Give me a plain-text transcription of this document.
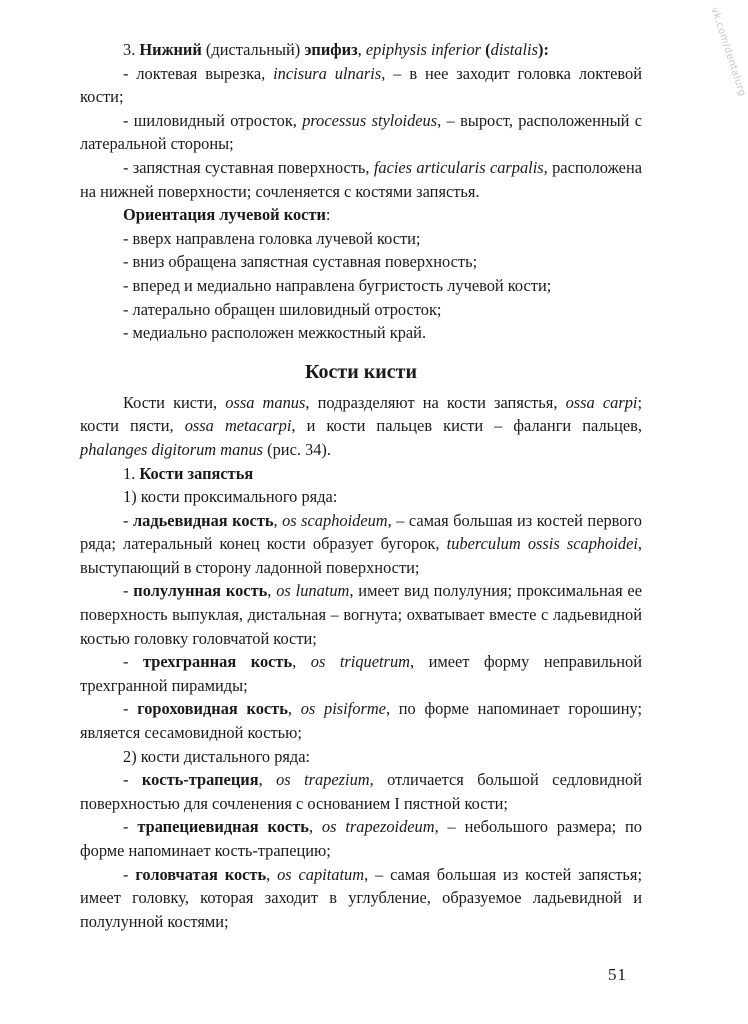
vk.com/dentalurg

3. Нижний (дистальный) эпифиз, epiphysis inferior (distalis):

- локтевая вырезка, incisura ulnaris, – в нее заходит головка локтевой кости;

- шиловидный отросток, processus styloideus, – вырост, расположенный с латеральной стороны;

- запястная суставная поверхность, facies articularis carpalis, расположена на нижней поверхности; сочленяется с костями запястья.

Ориентация лучевой кости:

- вверх направлена головка лучевой кости;

- вниз обращена запястная суставная поверхность;

- вперед и медиально направлена бугристость лучевой кости;

- латерально обращен шиловидный отросток;

- медиально расположен межкостный край.

Кости кисти

Кости кисти, ossa manus, подразделяют на кости запястья, ossa carpi; кости пясти, ossa metacarpi, и кости пальцев кисти – фаланги пальцев, phalanges digitorum manus (рис. 34).

1. Кости запястья

1) кости проксимального ряда:

- ладьевидная кость, os scaphoideum, – самая большая из костей первого ряда; латеральный конец кости образует бугорок, tuberculum ossis scaphoidei, выступающий в сторону ладонной поверхности;

- полулунная кость, os lunatum, имеет вид полулуния; проксимальная ее поверхность выпуклая, дистальная – вогнута; охватывает вместе с ладьевидной костью головку головчатой кости;

- трехгранная кость, os triquetrum, имеет форму неправильной трехгранной пирамиды;

- гороховидная кость, os pisiforme, по форме напоминает горошину; является сесамовидной костью;

2) кости дистального ряда:

- кость-трапеция, os trapezium, отличается большой седловидной поверхностью для сочленения с основанием I пястной кости;

- трапециевидная кость, os trapezoideum, – небольшого размера; по форме напоминает кость-трапецию;

- головчатая кость, os capitatum, – самая большая из костей запястья; имеет головку, которая заходит в углубление, образуемое ладьевидной и полулунной костями;

51
